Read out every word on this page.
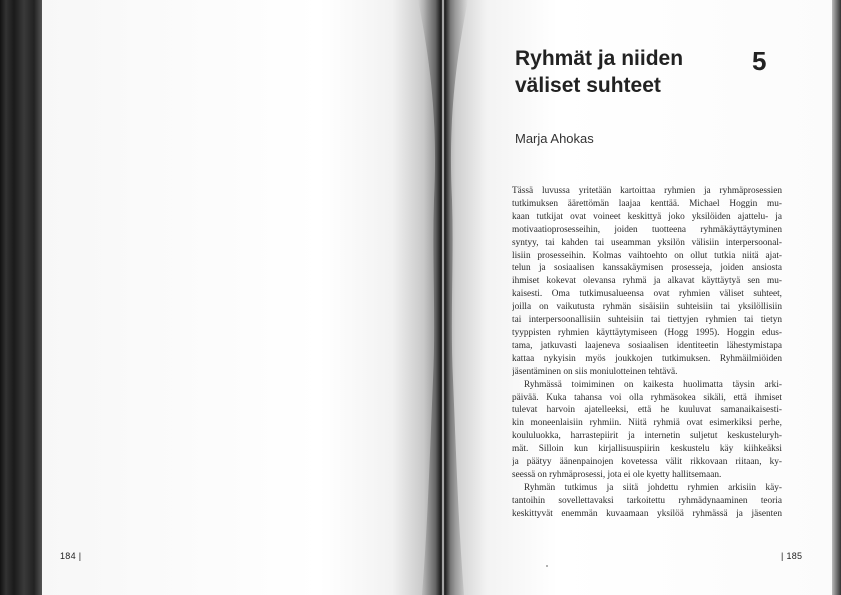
184 |
Ryhmät ja niiden
väliset suhteet
5
Marja Ahokas
Tässä luvussa yritetään kartoittaa ryhmien ja ryhmäprosessien
tutkimuksen äärettömän laajaa kenttää. Michael Hoggin mu-
kaan tutkijat ovat voineet keskittyä joko yksilöiden ajattelu- ja
motivaatioprosesseihin, joiden tuotteena ryhmäkäyttäytyminen
syntyy, tai kahden tai useamman yksilön välisiin interpersoonal-
lisiin prosesseihin. Kolmas vaihtoehto on ollut tutkia niitä ajat-
telun ja sosiaalisen kanssakäymisen prosesseja, joiden ansiosta
ihmiset kokevat olevansa ryhmä ja alkavat käyttäytyä sen mu-
kaisesti. Oma tutkimusalueensa ovat ryhmien väliset suhteet,
joilla on vaikutusta ryhmän sisäisiin suhteisiin tai yksilöllisiin
tai interpersoonallisiin suhteisiin tai tiettyjen ryhmien tai tietyn
tyyppisten ryhmien käyttäytymiseen (Hogg 1995). Hoggin edus-
tama, jatkuvasti laajeneva sosiaalisen identiteetin lähestymistapa
kattaa nykyisin myös joukkojen tutkimuksen. Ryhmäilmiöiden
jäsentäminen on siis moniulotteinen tehtävä.
Ryhmässä toimiminen on kaikesta huolimatta täysin arki-
päivää. Kuka tahansa voi olla ryhmäsokea sikäli, että ihmiset
tulevat harvoin ajatelleeksi, että he kuuluvat samanaikaisesti-
kin moneenlaisiin ryhmiin. Niitä ryhmiä ovat esimerkiksi perhe,
koululuokka, harrastepiirit ja internetin suljetut keskusteluryh-
mät. Silloin kun kirjallisuuspiirin keskustelu käy kiihkeäksi
ja päätyy äänenpainojen kovetessa välit rikkovaan riitaan, ky-
seessä on ryhmäprosessi, jota ei ole kyetty hallitsemaan.
Ryhmän tutkimus ja siitä johdettu ryhmien arkisiin käy-
tantoihin sovellettavaksi tarkoitettu ryhmädynaaminen teoria
keskittyvät enemmän kuvaamaan yksilöä ryhmässä ja jäsenten
| 185
